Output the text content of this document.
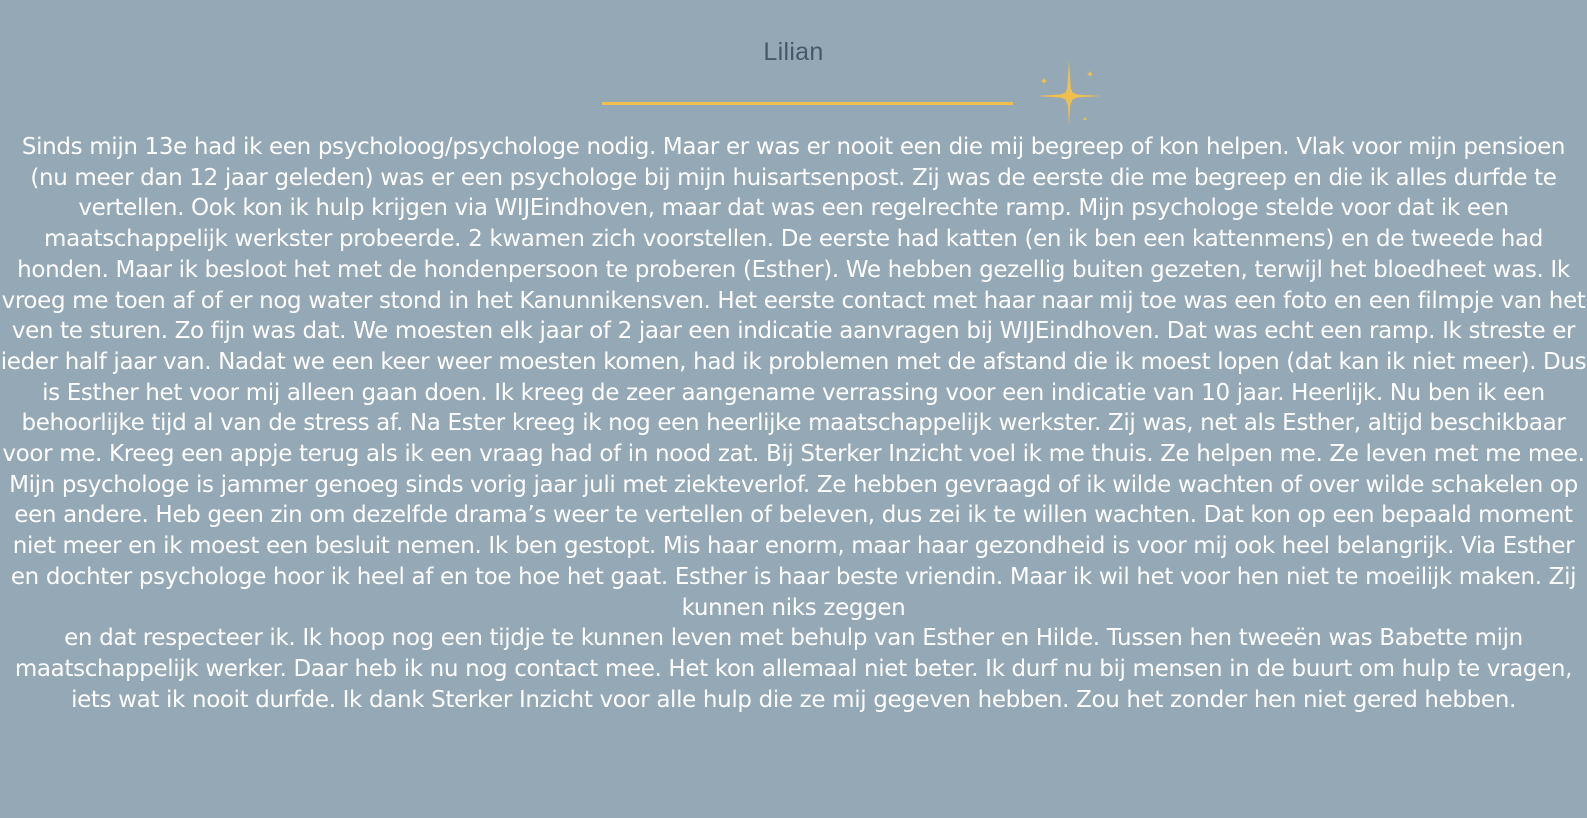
Lilian
Sinds mijn 13e had ik een psycholoog/psychologe nodig. Maar er was er nooit een die mij begreep of kon helpen. Vlak voor mijn pensioen (nu meer dan 12 jaar geleden) was er een psychologe bij mijn huisartsenpost. Zij was de eerste die me begreep en die ik alles durfde te vertellen. Ook kon ik hulp krijgen via WIJEindhoven, maar dat was een regelrechte ramp. Mijn psychologe stelde voor dat ik een maatschappelijk werkster probeerde. 2 kwamen zich voorstellen. De eerste had katten (en ik ben een kattenmens) en de tweede had honden. Maar ik besloot het met de hondenpersoon te proberen (Esther). We hebben gezellig buiten gezeten, terwijl het bloedheet was. Ik vroeg me toen af of er nog water stond in het Kanunnikensven. Het eerste contact met haar naar mij toe was een foto en een filmpje van het ven te sturen. Zo fijn was dat. We moesten elk jaar of 2 jaar een indicatie aanvragen bij WIJEindhoven. Dat was echt een ramp. Ik streste er ieder half jaar van. Nadat we een keer weer moesten komen, had ik problemen met de afstand die ik moest lopen (dat kan ik niet meer). Dus is Esther het voor mij alleen gaan doen. Ik kreeg de zeer aangename verrassing voor een indicatie van 10 jaar. Heerlijk. Nu ben ik een behoorlijke tijd al van de stress af. Na Ester kreeg ik nog een heerlijke maatschappelijk werkster. Zij was, net als Esther, altijd beschikbaar voor me. Kreeg een appje terug als ik een vraag had of in nood zat. Bij Sterker Inzicht voel ik me thuis. Ze helpen me. Ze leven met me mee. Mijn psychologe is jammer genoeg sinds vorig jaar juli met ziekteverlof. Ze hebben gevraagd of ik wilde wachten of over wilde schakelen op een andere. Heb geen zin om dezelfde drama’s weer te vertellen of beleven, dus zei ik te willen wachten. Dat kon op een bepaald moment niet meer en ik moest een besluit nemen. Ik ben gestopt. Mis haar enorm, maar haar gezondheid is voor mij ook heel belangrijk. Via Esther en dochter psychologe hoor ik heel af en toe hoe het gaat. Esther is haar beste vriendin. Maar ik wil het voor hen niet te moeilijk maken. Zij kunnen niks zeggen
en dat respecteer ik. Ik hoop nog een tijdje te kunnen leven met behulp van Esther en Hilde. Tussen hen tweeën was Babette mijn maatschappelijk werker. Daar heb ik nu nog contact mee. Het kon allemaal niet beter. Ik durf nu bij mensen in de buurt om hulp te vragen, iets wat ik nooit durfde. Ik dank Sterker Inzicht voor alle hulp die ze mij gegeven hebben. Zou het zonder hen niet gered hebben.
